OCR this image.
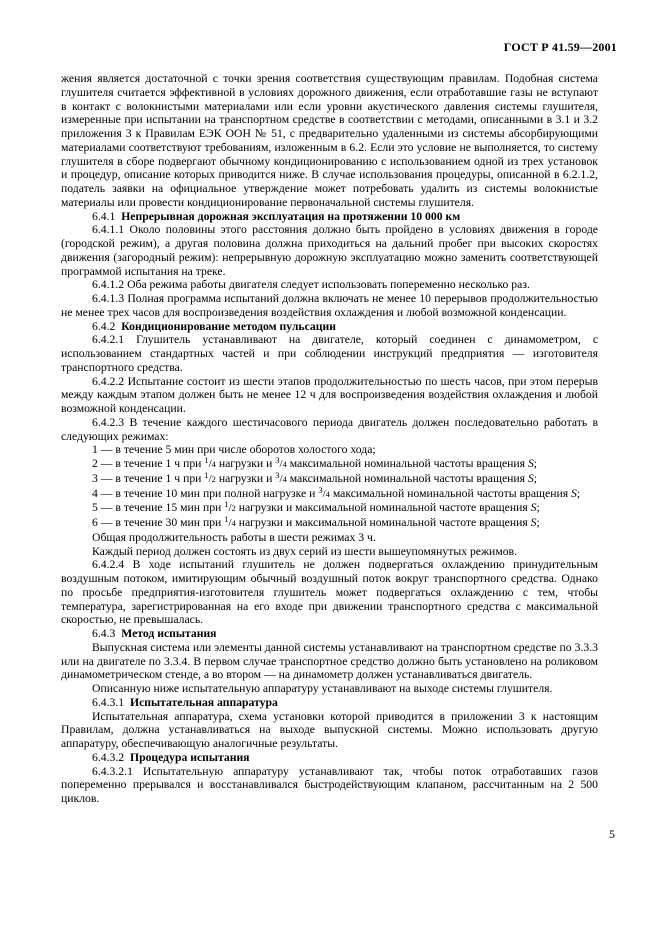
ГОСТ Р 41.59—2001

жения является достаточной с точки зрения соответствия существующим правилам. Подобная система глушителя считается эффективной в условиях дорожного движения, если отработавшие газы не вступают в контакт с волокнистыми материалами или если уровни акустического давления системы глушителя, измеренные при испытании на транспортном средстве в соответствии с методами, описанными в 3.1 и 3.2 приложения 3 к Правилам ЕЭК ООН № 51, с предварительно удаленными из системы абсорбирующими материалами соответствуют требованиям, изложенным в 6.2. Если это условие не выполняется, то систему глушителя в сборе подвергают обычному кондиционированию с использованием одной из трех установок и процедур, описание которых приводится ниже. В случае использования процедуры, описанной в 6.2.1.2, податель заявки на официальное утверждение может потребовать удалить из системы волокнистые материалы или провести кондиционирование первоначальной системы глушителя.

6.4.1 Непрерывная дорожная эксплуатация на протяжении 10 000 км

6.4.1.1 Около половины этого расстояния должно быть пройдено в условиях движения в городе (городской режим), а другая половина должна приходиться на дальний пробег при высоких скоростях движения (загородный режим): непрерывную дорожную эксплуатацию можно заменить соответствующей программой испытания на треке.

6.4.1.2 Оба режима работы двигателя следует использовать попеременно несколько раз.

6.4.1.3 Полная программа испытаний должна включать не менее 10 перерывов продолжительностью не менее трех часов для воспроизведения воздействия охлаждения и любой возможной конденсации.

6.4.2 Кондиционирование методом пульсации

6.4.2.1 Глушитель устанавливают на двигателе, который соединен с динамометром, с использованием стандартных частей и при соблюдении инструкций предприятия — изготовителя транспортного средства.

6.4.2.2 Испытание состоит из шести этапов продолжительностью по шесть часов, при этом перерыв между каждым этапом должен быть не менее 12 ч для воспроизведения воздействия охлаждения и любой возможной конденсации.

6.4.2.3 В течение каждого шестичасового периода двигатель должен последовательно работать в следующих режимах:

1 — в течение 5 мин при числе оборотов холостого хода;

2 — в течение 1 ч при 1/4 нагрузки и 3/4 максимальной номинальной частоты вращения S;

3 — в течение 1 ч при 1/2 нагрузки и 3/4 максимальной номинальной частоты вращения S;

4 — в течение 10 мин при полной нагрузке и 3/4 максимальной номинальной частоты вращения S;

5 — в течение 15 мин при 1/2 нагрузки и максимальной номинальной частоте вращения S;

6 — в течение 30 мин при 1/4 нагрузки и максимальной номинальной частоте вращения S;

Общая продолжительность работы в шести режимах 3 ч.

Каждый период должен состоять из двух серий из шести вышеупомянутых режимов.

6.4.2.4 В ходе испытаний глушитель не должен подвергаться охлаждению принудительным воздушным потоком, имитирующим обычный воздушный поток вокруг транспортного средства. Однако по просьбе предприятия-изготовителя глушитель может подвергаться охлаждению с тем, чтобы температура, зарегистрированная на его входе при движении транспортного средства с максимальной скоростью, не превышалась.

6.4.3 Метод испытания

Выпускная система или элементы данной системы устанавливают на транспортном средстве по 3.3.3 или на двигателе по 3.3.4. В первом случае транспортное средство должно быть установлено на роликовом динамометрическом стенде, а во втором — на динамометр должен устанавливаться двигатель.

Описанную ниже испытательную аппаратуру устанавливают на выходе системы глушителя.

6.4.3.1 Испытательная аппаратура

Испытательная аппаратура, схема установки которой приводится в приложении 3 к настоящим Правилам, должна устанавливаться на выходе выпускной системы. Можно использовать другую аппаратуру, обеспечивающую аналогичные результаты.

6.4.3.2 Процедура испытания

6.4.3.2.1 Испытательную аппаратуру устанавливают так, чтобы поток отработавших газов попеременно прерывался и восстанавливался быстродействующим клапаном, рассчитанным на 2 500 циклов.

5
